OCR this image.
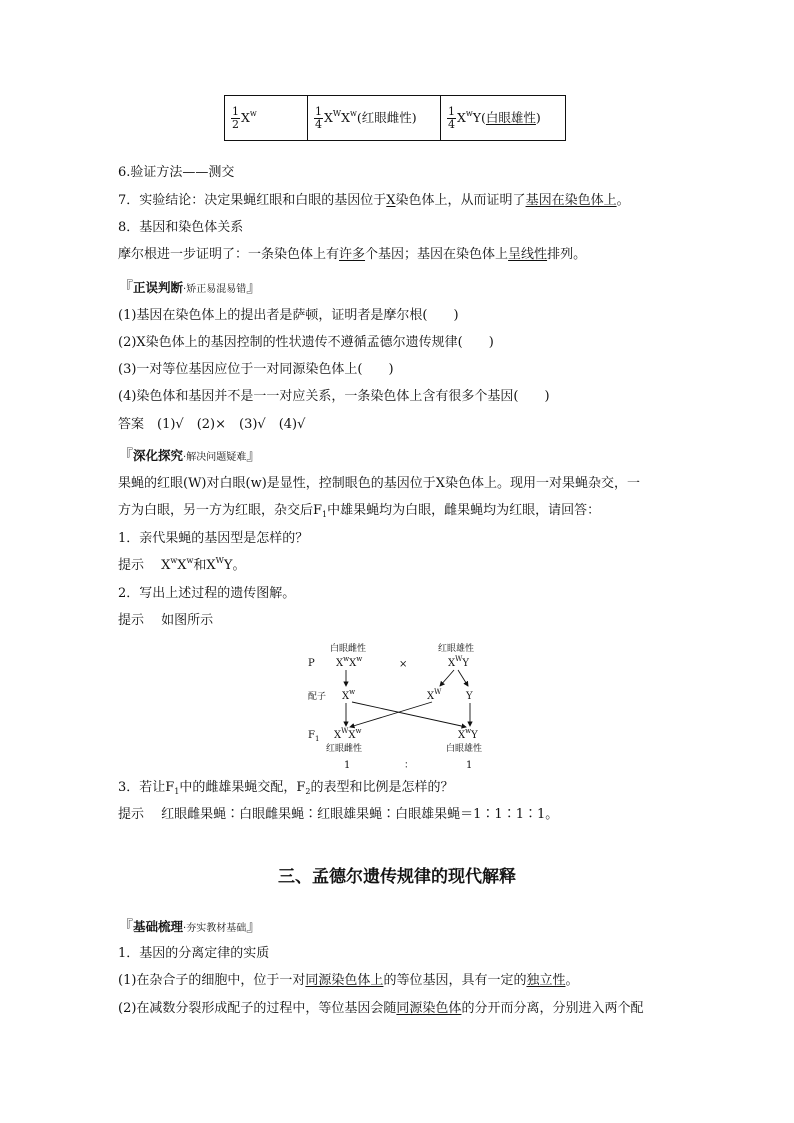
$\frac{1}{2} X^w$	$\frac{1}{4} X^WX^w$(红眼雌性)	$\frac{1}{4} X^wY$(白眼雄性)
6.验证方法——测交
7．实验结论：决定果蝇红眼和白眼的基因位于X染色体上，从而证明了基因在染色体上。
8．基因和染色体关系
摩尔根进一步证明了：一条染色体上有许多个基因；基因在染色体上呈线性排列。
『正误判断·矫正易混易错』
(1)基因在染色体上的提出者是萨顿，证明者是摩尔根(　　)
(2)X染色体上的基因控制的性状遗传不遵循孟德尔遗传规律(　　)
(3)一对等位基因应位于一对同源染色体上(　　)
(4)染色体和基因并不是一一对应关系，一条染色体上含有很多个基因(　　)
答案　(1)√　(2)×　(3)√　(4)√
『深化探究·解决问题疑难』
果蝇的红眼(W)对白眼(w)是显性，控制眼色的基因位于X染色体上。现用一对果蝇杂交，一
方为白眼，另一方为红眼，杂交后$F_1$中雄果蝇均为白眼，雌果蝇均为红眼，请回答：
1．亲代果蝇的基因型是怎样的？
提示　 $X^wX^w$和$X^WY$。
2．写出上述过程的遗传图解。
提示　 如图所示
P
白眼雌性
$X^wX^w$	×
红眼雄性
$X^WY$
配子 $X^w$	$X^W$ Y
$F_1$ $X^WX^w$	$X^wY$
红眼雌性	白眼雄性
1	：	1
3．若让$F_1$中的雌雄果蝇交配，$F_2$的表型和比例是怎样的？
提示　 红眼雌果蝇∶白眼雌果蝇∶红眼雄果蝇∶白眼雄果蝇＝1∶1∶1∶1。
三、孟德尔遗传规律的现代解释
『基础梳理·夯实教材基础』
1．基因的分离定律的实质
(1)在杂合子的细胞中，位于一对同源染色体上的等位基因，具有一定的独立性。
(2)在减数分裂形成配子的过程中，等位基因会随同源染色体的分开而分离，分别进入两个配
